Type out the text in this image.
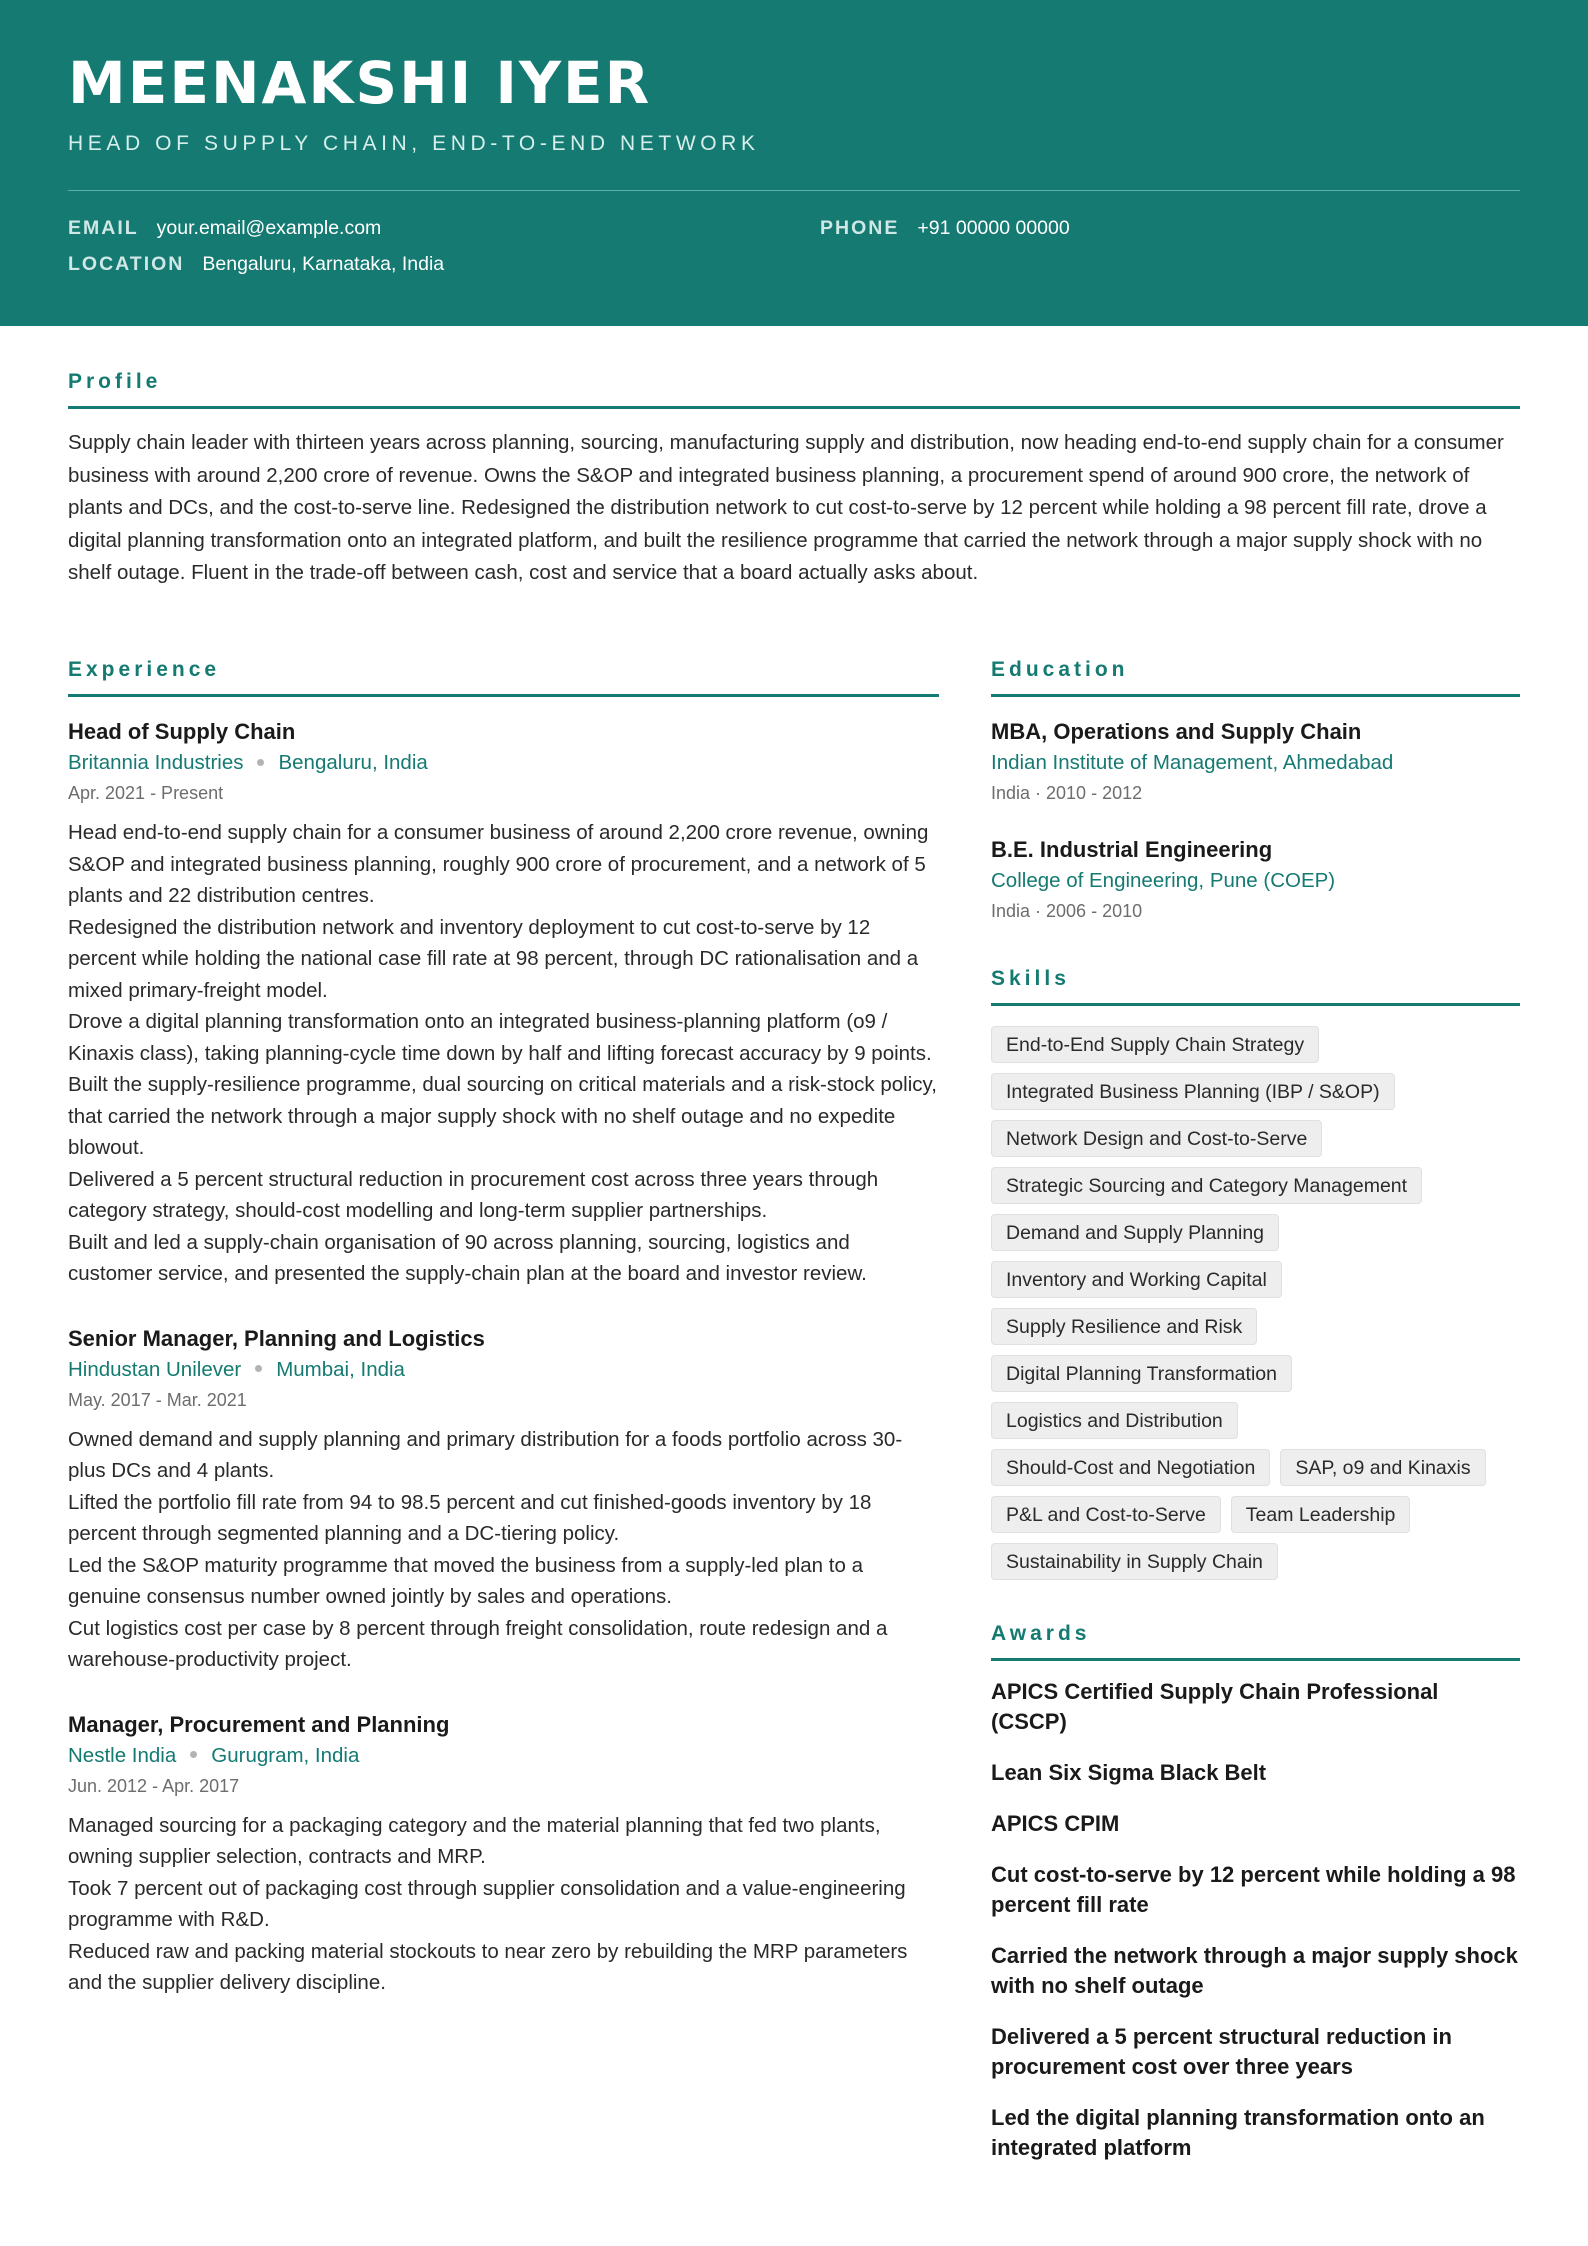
MEENAKSHI IYER
HEAD OF SUPPLY CHAIN, END-TO-END NETWORK
EMAIL your.email@example.com	PHONE +91 00000 00000
LOCATION Bengaluru, Karnataka, India
Profile

Supply chain leader with thirteen years across planning, sourcing, manufacturing supply and distribution, now heading end-to-end supply chain for a consumer business with around 2,200 crore of revenue. Owns the S&OP and integrated business planning, a procurement spend of around 900 crore, the network of plants and DCs, and the cost-to-serve line. Redesigned the distribution network to cut cost-to-serve by 12 percent while holding a 98 percent fill rate, drove a digital planning transformation onto an integrated platform, and built the resilience programme that carried the network through a major supply shock with no shelf outage. Fluent in the trade-off between cash, cost and service that a board actually asks about.

Experience
Head of Supply Chain
Britannia Industries Bengaluru, India
Apr. 2021 - Present
Head end-to-end supply chain for a consumer business of around 2,200 crore revenue, owning S&OP and integrated business planning, roughly 900 crore of procurement, and a network of 5 plants and 22 distribution centres.
Redesigned the distribution network and inventory deployment to cut cost-to-serve by 12 percent while holding the national case fill rate at 98 percent, through DC rationalisation and a mixed primary-freight model.
Drove a digital planning transformation onto an integrated business-planning platform (o9 / Kinaxis class), taking planning-cycle time down by half and lifting forecast accuracy by 9 points.
Built the supply-resilience programme, dual sourcing on critical materials and a risk-stock policy, that carried the network through a major supply shock with no shelf outage and no expedite blowout.
Delivered a 5 percent structural reduction in procurement cost across three years through category strategy, should-cost modelling and long-term supplier partnerships.
Built and led a supply-chain organisation of 90 across planning, sourcing, logistics and customer service, and presented the supply-chain plan at the board and investor review.
Senior Manager, Planning and Logistics
Hindustan Unilever Mumbai, India
May. 2017 - Mar. 2021
Owned demand and supply planning and primary distribution for a foods portfolio across 30-plus DCs and 4 plants.
Lifted the portfolio fill rate from 94 to 98.5 percent and cut finished-goods inventory by 18 percent through segmented planning and a DC-tiering policy.
Led the S&OP maturity programme that moved the business from a supply-led plan to a genuine consensus number owned jointly by sales and operations.
Cut logistics cost per case by 8 percent through freight consolidation, route redesign and a warehouse-productivity project.
Manager, Procurement and Planning
Nestle India Gurugram, India
Jun. 2012 - Apr. 2017
Managed sourcing for a packaging category and the material planning that fed two plants, owning supplier selection, contracts and MRP.
Took 7 percent out of packaging cost through supplier consolidation and a value-engineering programme with R&D.
Reduced raw and packing material stockouts to near zero by rebuilding the MRP parameters and the supplier delivery discipline.
Education
MBA, Operations and Supply Chain
Indian Institute of Management, Ahmedabad
India · 2010 - 2012
B.E. Industrial Engineering
College of Engineering, Pune (COEP)
India · 2006 - 2010
Skills
End-to-End Supply Chain Strategy
Integrated Business Planning (IBP / S&OP)
Network Design and Cost-to-Serve
Strategic Sourcing and Category Management
Demand and Supply Planning
Inventory and Working Capital
Supply Resilience and Risk
Digital Planning Transformation
Logistics and Distribution
Should-Cost and Negotiation	SAP, o9 and Kinaxis
P&L and Cost-to-Serve	Team Leadership
Sustainability in Supply Chain
Awards
APICS Certified Supply Chain Professional (CSCP)
Lean Six Sigma Black Belt
APICS CPIM
Cut cost-to-serve by 12 percent while holding a 98 percent fill rate
Carried the network through a major supply shock with no shelf outage
Delivered a 5 percent structural reduction in procurement cost over three years
Led the digital planning transformation onto an integrated platform
